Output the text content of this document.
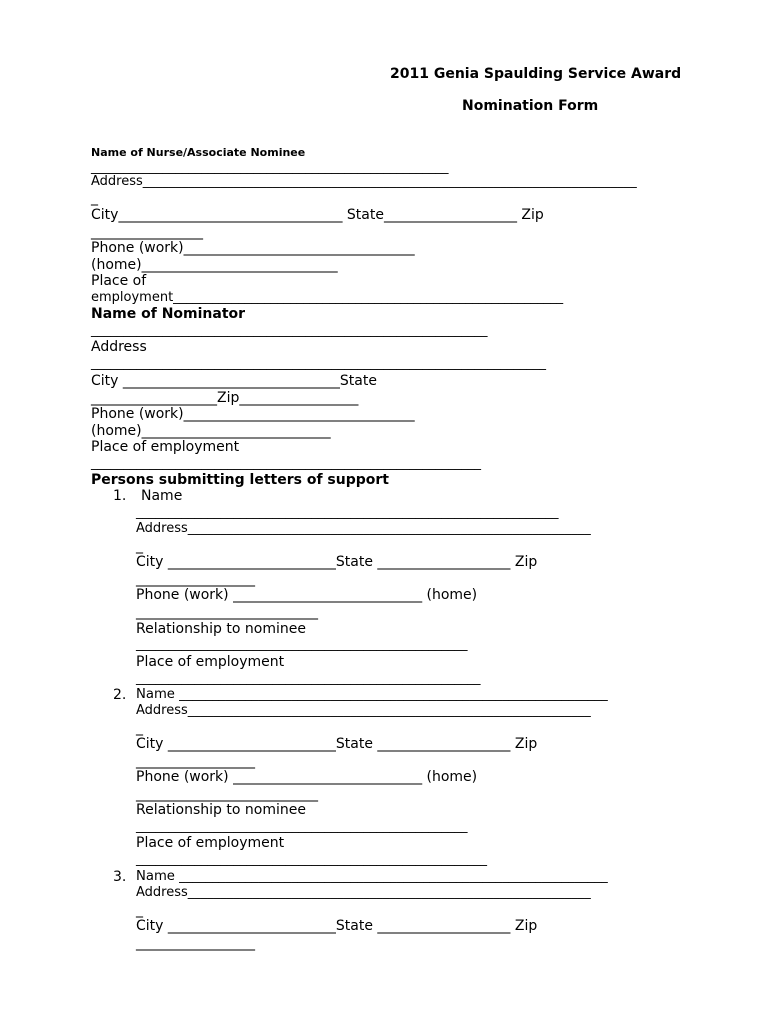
2011 Genia Spaulding Service Award
Nomination Form
Name of Nurse/Associate Nominee
_______________________________________________________
Address____________________________________________________________________________
_
City________________________________ State___________________ Zip
________________
Phone (work)_________________________________
(home)____________________________
Place of
employment____________________________________________________________
Name of Nominator
_____________________________________________________________
Address
______________________________________________________________________
City _______________________________State
__________________Zip_________________
Phone (work)_________________________________
(home)___________________________
Place of employment
____________________________________________________________
Persons submitting letters of support
1. Name
_________________________________________________________________
Address______________________________________________________________
_
City ________________________State ___________________ Zip
_________________
Phone (work) ___________________________ (home)
__________________________
Relationship to nominee
___________________________________________________
Place of employment
_____________________________________________________
2. Name _________________________________________________________________
Address______________________________________________________________
_
City ________________________State ___________________ Zip
_________________
Phone (work) ___________________________ (home)
__________________________
Relationship to nominee
___________________________________________________
Place of employment
______________________________________________________
3. Name _________________________________________________________________
Address______________________________________________________________
_
City ________________________State ___________________ Zip
_________________
